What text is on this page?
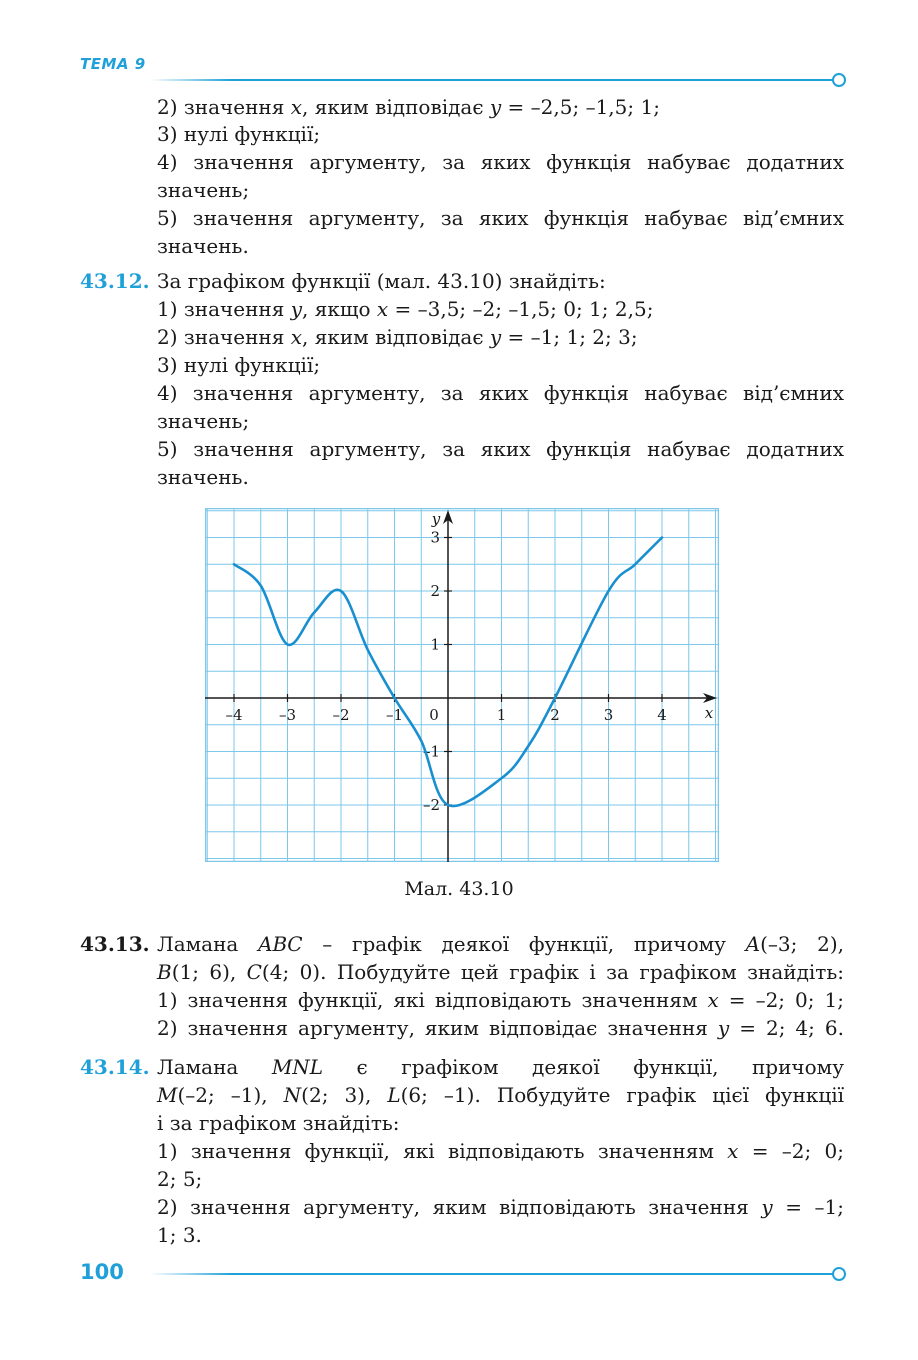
ТЕМА 9
2) значення 𝑥, яким відповідає 𝑦 = –2,5; –1,5; 1;
3) нулі функції;
4) значення аргументу, за яких функція набуває додатних
значень;
5) значення аргументу, за яких функція набуває від’ємних
значень.
43.12. За графіком функції (мал. 43.10) знайдіть:
1) значення 𝑦, якщо 𝑥 = –3,5; –2; –1,5; 0; 1; 2,5;
2) значення 𝑥, яким відповідає 𝑦 = –1; 1; 2; 3;
3) нулі функції;
4) значення аргументу, за яких функція набуває від’ємних
значень;
5) значення аргументу, за яких функція набуває додатних
значень.
–4 –3 –2 –1 0	1	2	3	4
3
2
1
–1
–2
x
y
Мал. 43.10
43.13. Ламана 𝐴𝐵𝐶 – графік деякої функції, причому 𝐴(–3; 2),
𝐵(1; 6), 𝐶(4; 0). Побудуйте цей графік і за графіком знайдіть:
1) значення функції, які відповідають значенням 𝑥 = –2; 0; 1;
2) значення аргументу, яким відповідає значення 𝑦 = 2; 4; 6.
43.14. Ламана 𝑀𝑁𝐿 є графіком деякої функції, причому
𝑀(–2; –1), 𝑁(2; 3), 𝐿(6; –1). Побудуйте графік цієї функції
і за графіком знайдіть:
1) значення функції, які відповідають значенням 𝑥 = –2; 0;
2; 5;
2) значення аргументу, яким відповідають значення 𝑦 = –1;
1; 3.
100
